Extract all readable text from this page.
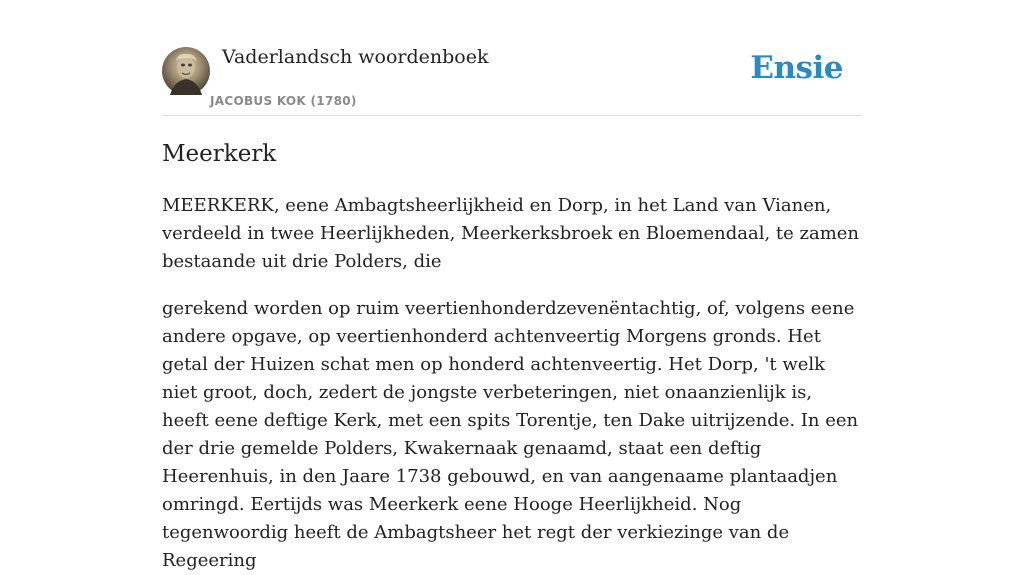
Vaderlandsch woordenboek
JACOBUS KOK (1780)
Ensie
Meerkerk

MEERKERK, eene Ambagtsheerlijkheid en Dorp, in het Land van Vianen, verdeeld in twee Heerlijkheden, Meerkerksbroek en Bloemendaal, te zamen bestaande uit drie Polders, die

gerekend worden op ruim veertienhonderdzevenëntachtig, of, volgens eene andere opgave, op veertienhonderd achtenveertig Morgens gronds. Het getal der Huizen schat men op honderd achtenveertig. Het Dorp, 't welk niet groot, doch, zedert de jongste verbeteringen, niet onaanzienlijk is, heeft eene deftige Kerk, met een spits Torentje, ten Dake uitrijzende. In een der drie gemelde Polders, Kwakernaak genaamd, staat een deftig Heerenhuis, in den Jaare 1738 gebouwd, en van aangenaame plantaadjen omringd. Eertijds was Meerkerk eene Hooge Heerlijkheid. Nog tegenwoordig heeft de Ambagtsheer het regt der verkiezinge van de Regeering
